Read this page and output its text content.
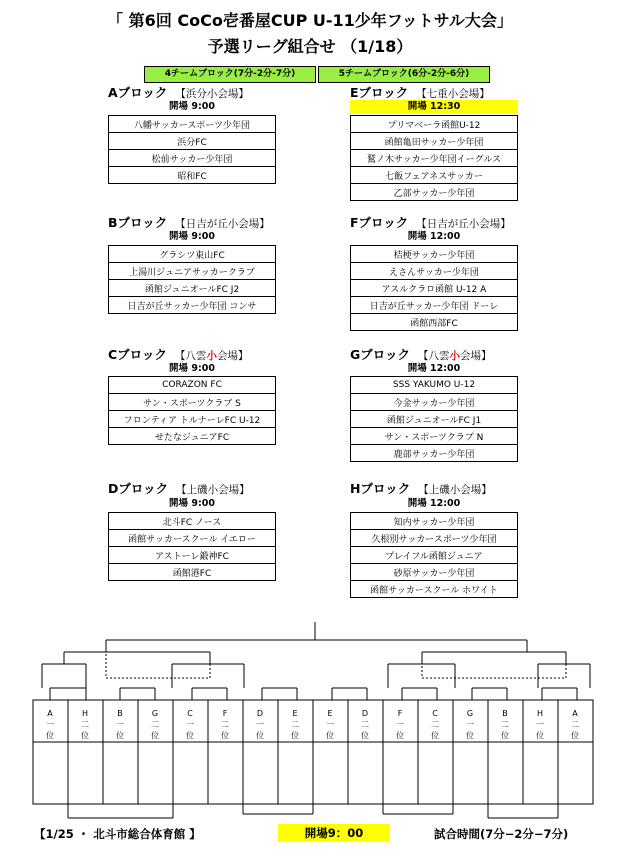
「 第6回 CoCo壱番屋CUP U-11少年フットサル大会」
予選リーグ組合せ （1/18）
4チームブロック(7分-2分-7分)	5チームブロック(6分-2分-6分)
Aブロック 【浜分小会場】
開場 9:00
八幡サッカースポーツ少年団
浜分FC
松前サッカー少年団
昭和FC
Eブロック 【七重小会場】
開場 12:30
プリマベーラ函館U-12
函館亀田サッカー少年団
鷲ノ木サッカー少年団イーグルス
七飯フェアネスサッカー
乙部サッカー少年団
Bブロック 【日吉が丘小会場】
開場 9:00
グラシツ東山FC
上湯川ジュニアサッカークラブ
函館ジュニオールFC J2
日吉が丘サッカー少年団 コンサ
Fブロック 【日吉が丘小会場】
開場 12:00
桔梗サッカー少年団
えさんサッカー少年団
アスルクラロ函館 U-12 A
日吉が丘サッカー少年団 ドーレ
函館西部FC
Cブロック 【八雲小会場】
開場 9:00
CORAZON FC
サン・スポーツクラブ S
フロンティア トルナーレFC U-12
せたなジュニアFC
Gブロック 【八雲小会場】
開場 12:00
SSS YAKUMO U-12
今金サッカー少年団
函館ジュニオールFC J1
サン・スポーツクラブ N
鹿部サッカー少年団
Dブロック 【上磯小会場】
開場 9:00
北斗FC ノース
函館サッカースクール イエロー
アストーレ鍛神FC
函館港FC
Hブロック 【上磯小会場】
開場 12:00
知内サッカー少年団
久根別サッカースポーツ少年団
プレイフル函館ジュニア
砂原サッカー少年団
函館サッカースクール ホワイト
A
一
位
H
二
位
B
一
位
G
二
位
C
一
位
F
二
位
D
一
位
E
二
位
E
一
位
D
二
位
F
一
位
C
二
位
G
一
位
B
二
位
H
一
位
A
二
位
【1/25 ・ 北斗市総合体育館 】	開場9：00	試合時間(7分−2分−7分)
